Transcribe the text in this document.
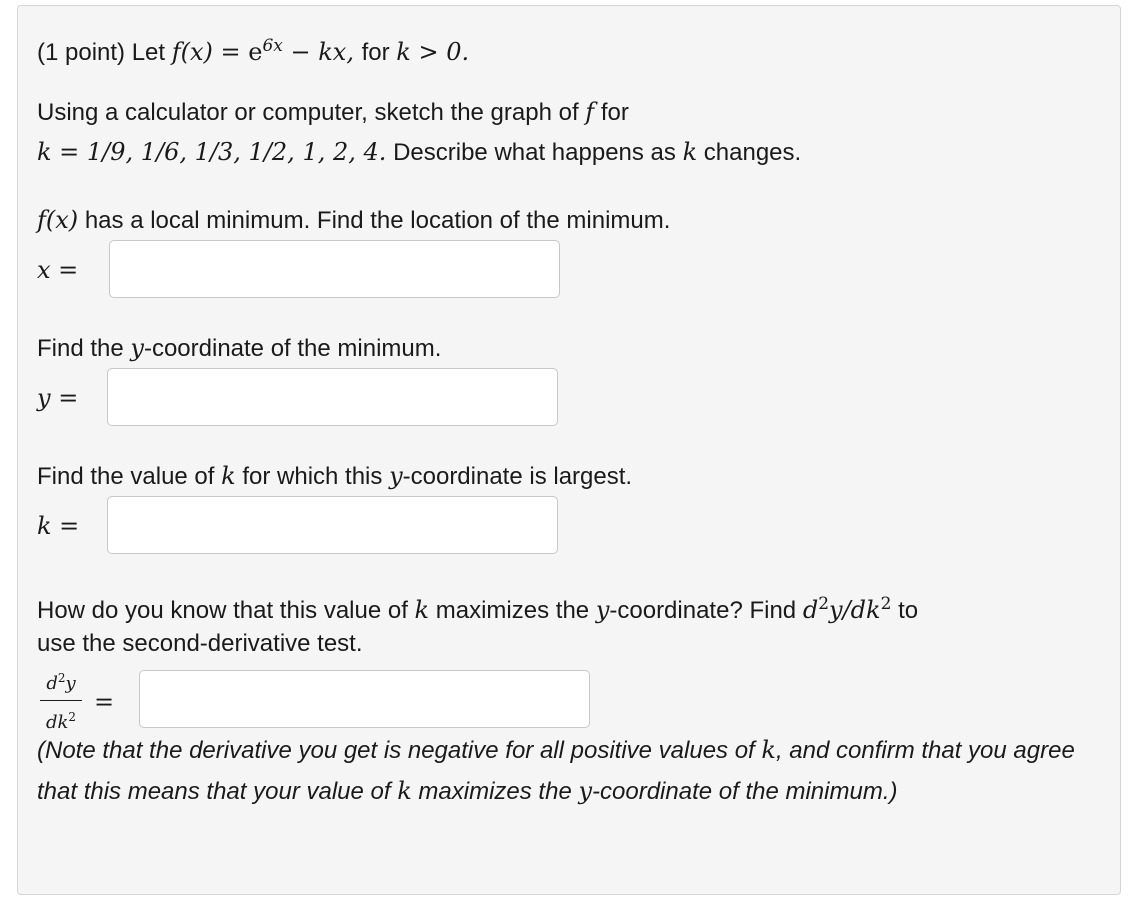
(1 point) Let $f(x) = e^{6x}$ − kx, for k > 0.
Using a calculator or computer, sketch the graph of f for
k = 1/9, 1/6, 1/3, 1/2, 1, 2, 4. Describe what happens as k changes.
f(x) has a local minimum. Find the location of the minimum.
x =
Find the y-coordinate of the minimum.
y =
Find the value of k for which this y-coordinate is largest.
k =
How do you know that this value of k maximizes the y-coordinate? Find $d^2y/dk^2$ to
use the second-derivative test.
$d^2y$
$dk^2$
=
(Note that the derivative you get is negative for all positive values of k, and confirm that you agree that this means that your value of k maximizes the y-coordinate of the minimum.)
